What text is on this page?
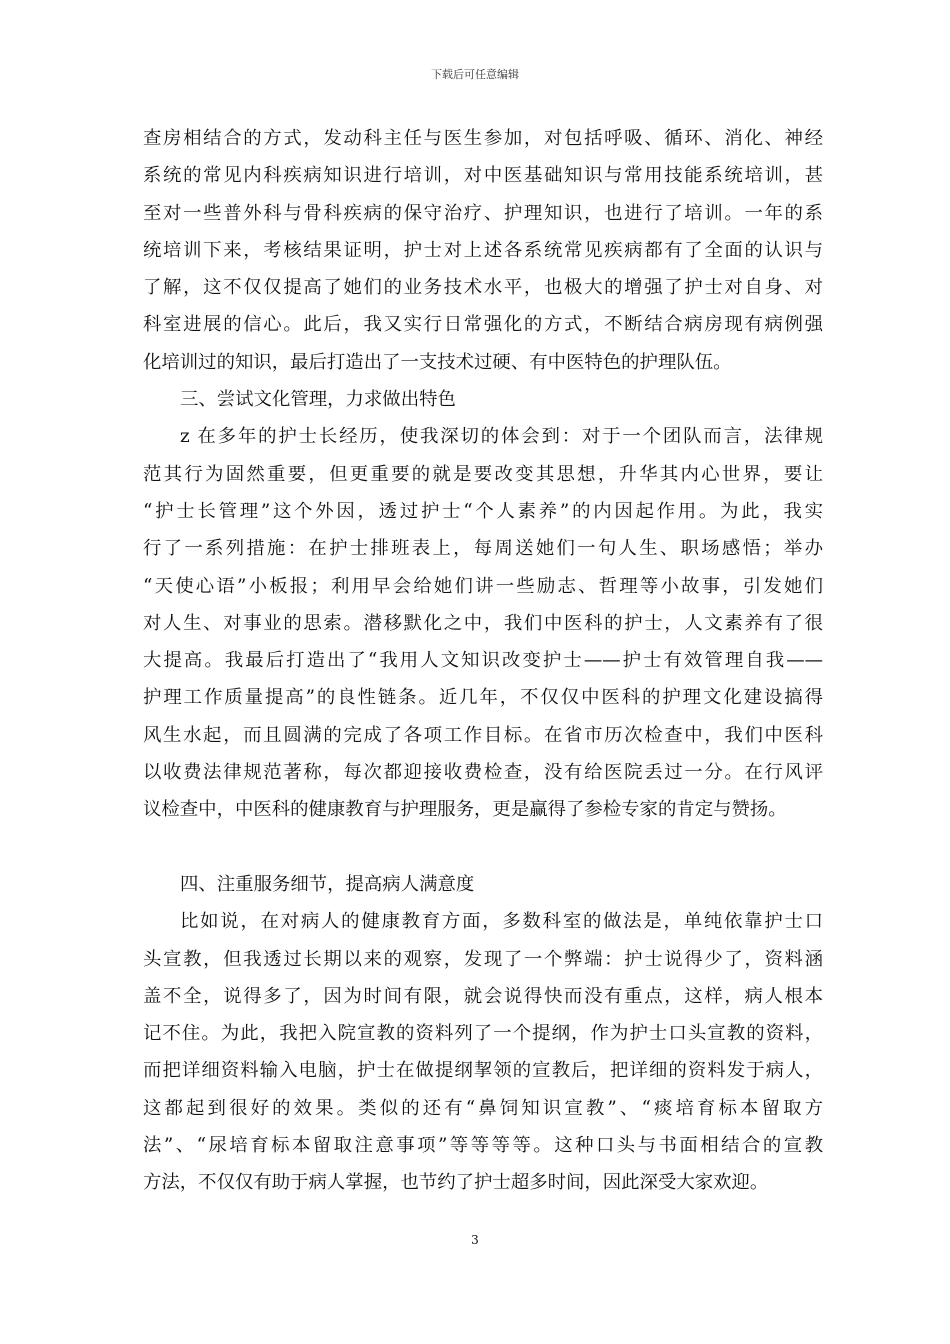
下载后可任意编辑
查房相结合的方式，发动科主任与医生参加，对包括呼吸、循环、消化、神经
系统的常见内科疾病知识进行培训，对中医基础知识与常用技能系统培训，甚
至对一些普外科与骨科疾病的保守治疗、护理知识，也进行了培训。一年的系
统培训下来，考核结果证明，护士对上述各系统常见疾病都有了全面的认识与
了解，这不仅仅提高了她们的业务技术水平，也极大的增强了护士对自身、对
科室进展的信心。此后，我又实行日常强化的方式，不断结合病房现有病例强
化培训过的知识，最后打造出了一支技术过硬、有中医特色的护理队伍。
三、尝试文化管理，力求做出特色
z 在多年的护士长经历，使我深切的体会到：对于一个团队而言，法律规
范其行为固然重要，但更重要的就是要改变其思想，升华其内心世界，要让
“护士长管理”这个外因，透过护士“个人素养”的内因起作用。为此，我实
行了一系列措施：在护士排班表上，每周送她们一句人生、职场感悟；举办
“天使心语”小板报；利用早会给她们讲一些励志、哲理等小故事，引发她们
对人生、对事业的思索。潜移默化之中，我们中医科的护士，人文素养有了很
大提高。我最后打造出了“我用人文知识改变护士——护士有效管理自我——
护理工作质量提高”的良性链条。近几年，不仅仅中医科的护理文化建设搞得
风生水起，而且圆满的完成了各项工作目标。在省市历次检查中，我们中医科
以收费法律规范著称，每次都迎接收费检查，没有给医院丢过一分。在行风评
议检查中，中医科的健康教育与护理服务，更是赢得了参检专家的肯定与赞扬。
四、注重服务细节，提高病人满意度
比如说，在对病人的健康教育方面，多数科室的做法是，单纯依靠护士口
头宣教，但我透过长期以来的观察，发现了一个弊端：护士说得少了，资料涵
盖不全，说得多了，因为时间有限，就会说得快而没有重点，这样，病人根本
记不住。为此，我把入院宣教的资料列了一个提纲，作为护士口头宣教的资料，
而把详细资料输入电脑，护士在做提纲挈领的宣教后，把详细的资料发于病人，
这都起到很好的效果。类似的还有“鼻饲知识宣教”、“痰培育标本留取方
法”、“尿培育标本留取注意事项”等等等等。这种口头与书面相结合的宣教
方法，不仅仅有助于病人掌握，也节约了护士超多时间，因此深受大家欢迎。
3
